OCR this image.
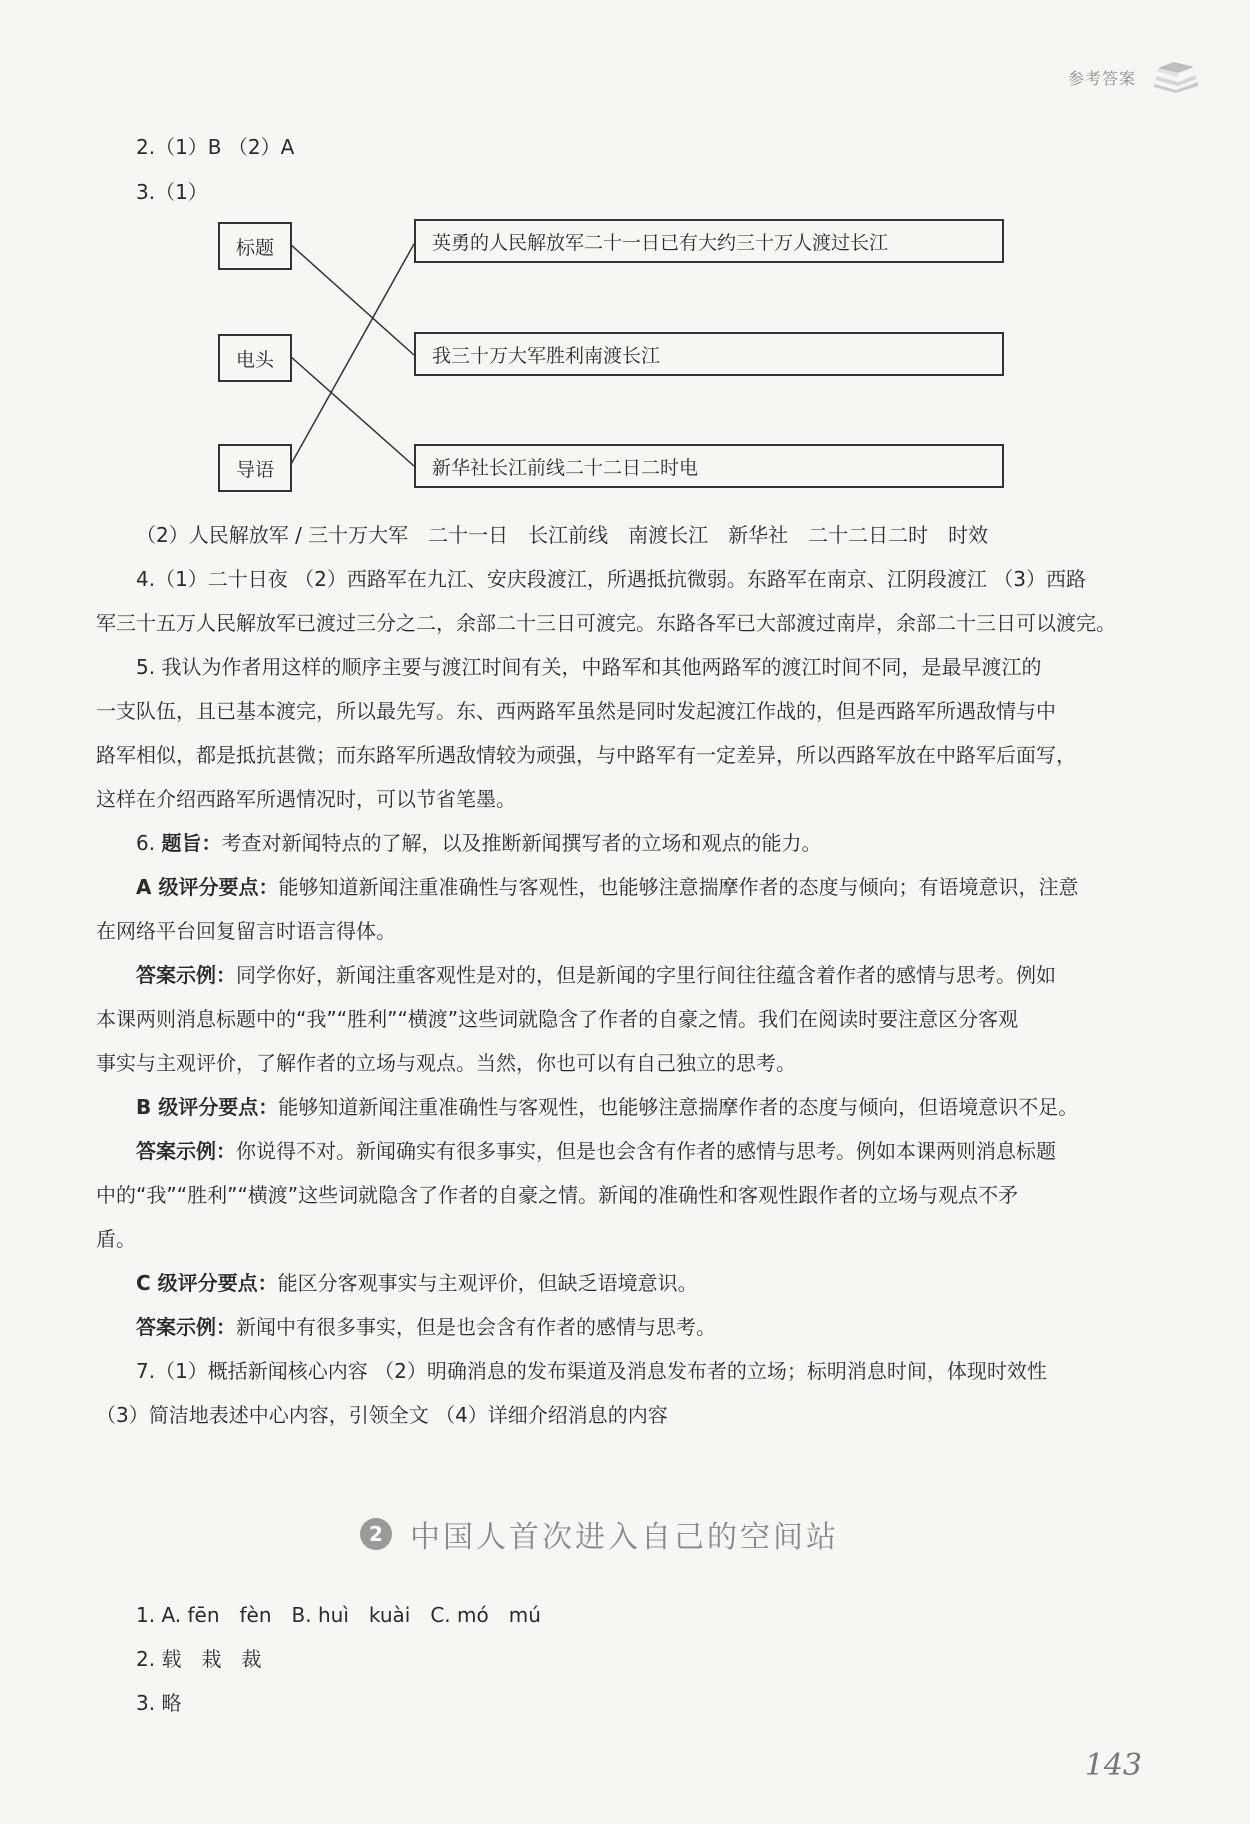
参考答案
2.（1）B （2）A
3.（1）
标题
电头
导语
英勇的人民解放军二十一日已有大约三十万人渡过长江
我三十万大军胜利南渡长江
新华社长江前线二十二日二时电
（2）人民解放军 / 三十万大军　二十一日　长江前线　南渡长江　新华社　二十二日二时　时效
4.（1）二十日夜 （2）西路军在九江、安庆段渡江，所遇抵抗微弱。东路军在南京、江阴段渡江 （3）西路
军三十五万人民解放军已渡过三分之二，余部二十三日可渡完。东路各军已大部渡过南岸，余部二十三日可以渡完。
5. 我认为作者用这样的顺序主要与渡江时间有关，中路军和其他两路军的渡江时间不同，是最早渡江的
一支队伍，且已基本渡完，所以最先写。东、西两路军虽然是同时发起渡江作战的，但是西路军所遇敌情与中
路军相似，都是抵抗甚微；而东路军所遇敌情较为顽强，与中路军有一定差异，所以西路军放在中路军后面写，
这样在介绍西路军所遇情况时，可以节省笔墨。
6. 题旨：考查对新闻特点的了解，以及推断新闻撰写者的立场和观点的能力。
A 级评分要点：能够知道新闻注重准确性与客观性，也能够注意揣摩作者的态度与倾向；有语境意识，注意
在网络平台回复留言时语言得体。
答案示例：同学你好，新闻注重客观性是对的，但是新闻的字里行间往往蕴含着作者的感情与思考。例如
本课两则消息标题中的“我”“胜利”“横渡”这些词就隐含了作者的自豪之情。我们在阅读时要注意区分客观
事实与主观评价，了解作者的立场与观点。当然，你也可以有自己独立的思考。
B 级评分要点：能够知道新闻注重准确性与客观性，也能够注意揣摩作者的态度与倾向，但语境意识不足。
答案示例：你说得不对。新闻确实有很多事实，但是也会含有作者的感情与思考。例如本课两则消息标题
中的“我”“胜利”“横渡”这些词就隐含了作者的自豪之情。新闻的准确性和客观性跟作者的立场与观点不矛
盾。
C 级评分要点：能区分客观事实与主观评价，但缺乏语境意识。
答案示例：新闻中有很多事实，但是也会含有作者的感情与思考。
7.（1）概括新闻核心内容 （2）明确消息的发布渠道及消息发布者的立场；标明消息时间，体现时效性
（3）简洁地表述中心内容，引领全文 （4）详细介绍消息的内容
2 中国人首次进入自己的空间站
1. A. fēn　fèn　B. huì　kuài　C. mó　mú
2. 载　栽　裁
3. 略
143
